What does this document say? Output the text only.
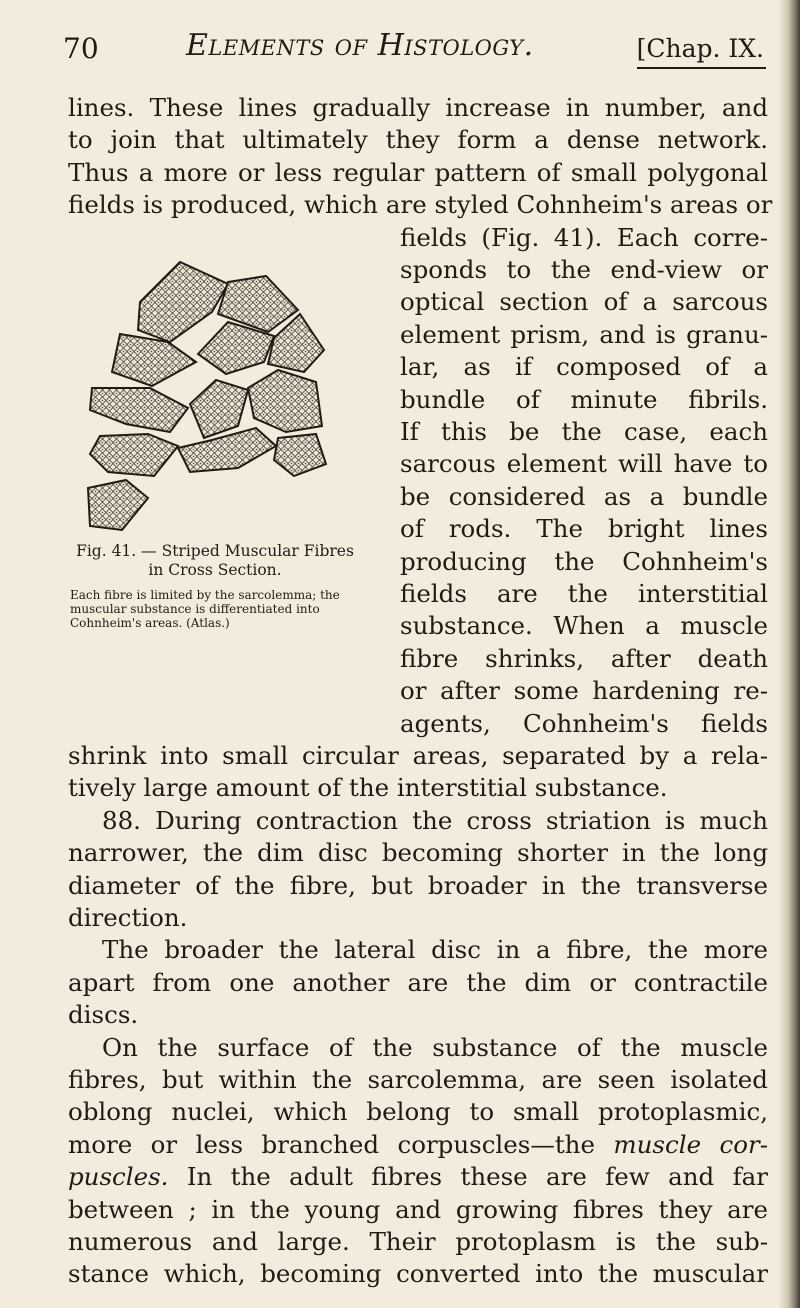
70	Elements of Histology.	[Chap. IX.
lines. These lines gradually increase in number, and
to join that ultimately they form a dense network.
Thus a more or less regular pattern of small polygonal
fields is produced, which are styled Cohnheim's areas or
fields (Fig. 41). Each corre-
sponds to the end-view or
optical section of a sarcous
element prism, and is granu-
lar, as if composed of a
bundle of minute fibrils.
If this be the case, each
sarcous element will have to
be considered as a bundle
of rods. The bright lines
producing the Cohnheim's
fields are the interstitial
substance. When a muscle
fibre shrinks, after death
or after some hardening re-
agents, Cohnheim's fields
Fig. 41. — Striped Muscular Fibres in Cross Section.
Each fibre is limited by the sarcolemma; the muscular substance is differentiated into Cohnheim's areas. (Atlas.)
shrink into small circular areas, separated by a rela-
tively large amount of the interstitial substance.
88. During contraction the cross striation is much
narrower, the dim disc becoming shorter in the long
diameter of the fibre, but broader in the transverse
direction.
The broader the lateral disc in a fibre, the more
apart from one another are the dim or contractile
discs.
On the surface of the substance of the muscle
fibres, but within the sarcolemma, are seen isolated
oblong nuclei, which belong to small protoplasmic,
more or less branched corpuscles—the muscle cor-
puscles. In the adult fibres these are few and far
between ; in the young and growing fibres they are
numerous and large. Their protoplasm is the sub-
stance which, becoming converted into the muscular
